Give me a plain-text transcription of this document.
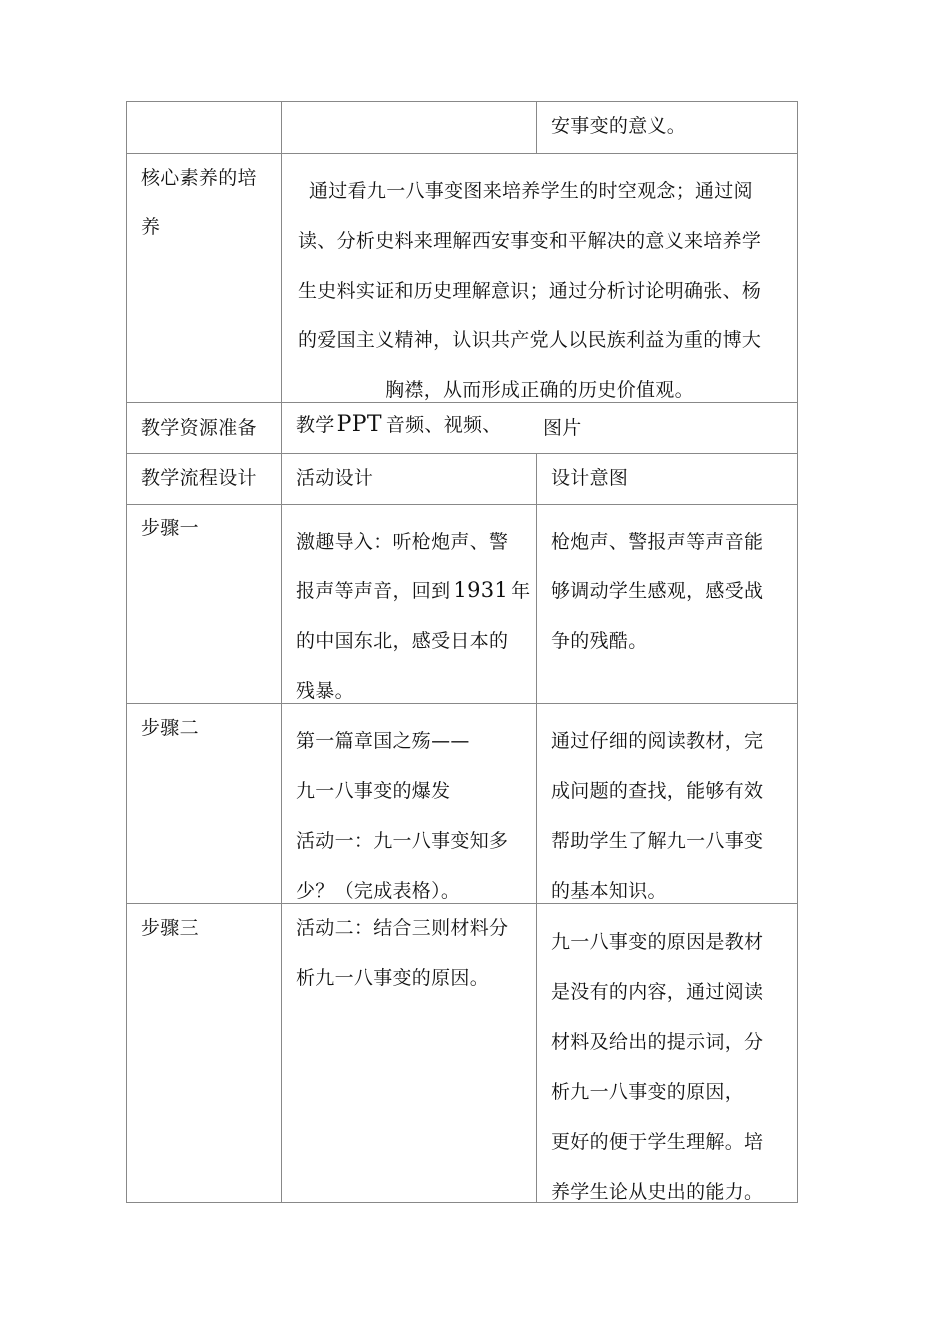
安事变的意义。
核心素养的培
养
通过看九一八事变图来培养学生的时空观念；通过阅
读、分析史料来理解西安事变和平解决的意义来培养学
生史料实证和历史理解意识；通过分析讨论明确张、杨
的爱国主义精神，认识共产党人以民族利益为重的博大
胸襟，从而形成正确的历史价值观。
教学资源准备 教学PPT 音频、视频、 图片
教学流程设计 活动设计	设计意图
步骤一
激趣导入：听枪炮声、警
报声等声音，回到 1931 年
的中国东北，感受日本的
残暴。
枪炮声、警报声等声音能
够调动学生感观，感受战
争的残酷。
步骤二
第一篇章国之殇——
九一八事变的爆发
活动一：九一八事变知多
少？（完成表格）。
通过仔细的阅读教材，完
成问题的查找，能够有效
帮助学生了解九一八事变
的基本知识。
步骤三	活动二：结合三则材料分
析九一八事变的原因。
九一八事变的原因是教材
是没有的内容，通过阅读
材料及给出的提示词，分
析九一八事变的原因，
更好的便于学生理解。培
养学生论从史出的能力。
